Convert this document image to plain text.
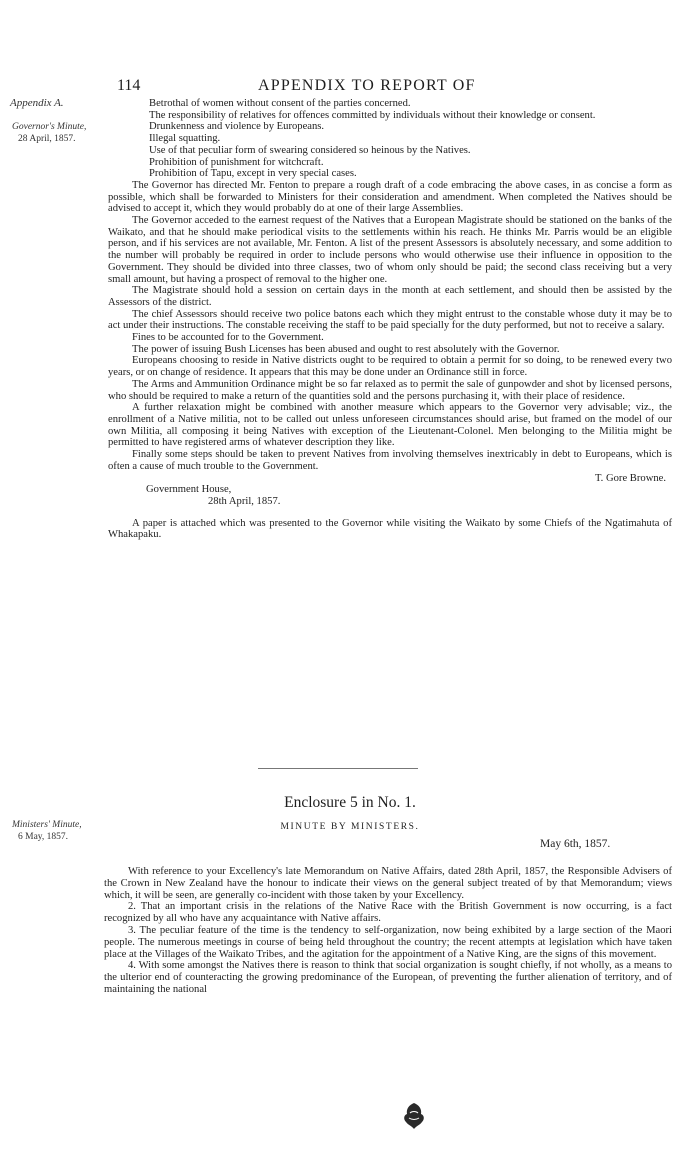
114	APPENDIX TO REPORT OF
Appendix A.
Governor's Minute,
28 April, 1857.
Ministers' Minute,
6 May, 1857.

Betrothal of women without consent of the parties concerned.

The responsibility of relatives for offences committed by individuals without their knowledge or consent.

Drunkenness and violence by Europeans.

Illegal squatting.

Use of that peculiar form of swearing considered so heinous by the Natives.

Prohibition of punishment for witchcraft.

Prohibition of Tapu, except in very special cases.

The Governor has directed Mr. Fenton to prepare a rough draft of a code embracing the above cases, in as concise a form as possible, which shall be forwarded to Ministers for their consideration and amendment. When completed the Natives should be advised to accept it, which they would probably do at one of their large Assemblies.

The Governor acceded to the earnest request of the Natives that a European Magistrate should be stationed on the banks of the Waikato, and that he should make periodical visits to the settlements within his reach. He thinks Mr. Parris would be an eligible person, and if his services are not available, Mr. Fenton. A list of the present Assessors is absolutely necessary, and some addition to the number will probably be required in order to include persons who would otherwise use their influence in opposition to the Government. They should be divided into three classes, two of whom only should be paid; the second class receiving but a very small amount, but having a prospect of removal to the higher one.

The Magistrate should hold a session on certain days in the month at each settlement, and should then be assisted by the Assessors of the district.

The chief Assessors should receive two police batons each which they might entrust to the constable whose duty it may be to act under their instructions. The constable receiving the staff to be paid specially for the duty performed, but not to receive a salary.

Fines to be accounted for to the Government.

The power of issuing Bush Licenses has been abused and ought to rest absolutely with the Governor.

Europeans choosing to reside in Native districts ought to be required to obtain a permit for so doing, to be renewed every two years, or on change of residence. It appears that this may be done under an Ordinance still in force.

The Arms and Ammunition Ordinance might be so far relaxed as to permit the sale of gunpowder and shot by licensed persons, who should be required to make a return of the quantities sold and the persons purchasing it, with their place of residence.

A further relaxation might be combined with another measure which appears to the Governor very advisable; viz., the enrollment of a Native militia, not to be called out unless unforeseen circumstances should arise, but framed on the model of our own Militia, all composing it being Natives with exception of the Lieutenant-Colonel. Men belonging to the Militia might be permitted to have registered arms of whatever description they like.

Finally some steps should be taken to prevent Natives from involving themselves inextricably in debt to Europeans, which is often a cause of much trouble to the Government.

T. Gore Browne.

Government House,

28th April, 1857.

A paper is attached which was presented to the Governor while visiting the Waikato by some Chiefs of the Ngatimahuta of Whakapaku.

Enclosure 5 in No. 1.
MINUTE BY MINISTERS.
May 6th, 1857.

With reference to your Excellency's late Memorandum on Native Affairs, dated 28th April, 1857, the Responsible Advisers of the Crown in New Zealand have the honour to indicate their views on the general subject treated of by that Memorandum; views which, it will be seen, are generally co-incident with those taken by your Excellency.

2. That an important crisis in the relations of the Native Race with the British Government is now occurring, is a fact recognized by all who have any acquaintance with Native affairs.

3. The peculiar feature of the time is the tendency to self-organization, now being exhibited by a large section of the Maori people. The numerous meetings in course of being held throughout the country; the recent attempts at legislation which have taken place at the Villages of the Waikato Tribes, and the agitation for the appointment of a Native King, are the signs of this movement.

4. With some amongst the Natives there is reason to think that social organization is sought chiefly, if not wholly, as a means to the ulterior end of counteracting the growing predominance of the European, of preventing the further alienation of territory, and of maintaining the national
